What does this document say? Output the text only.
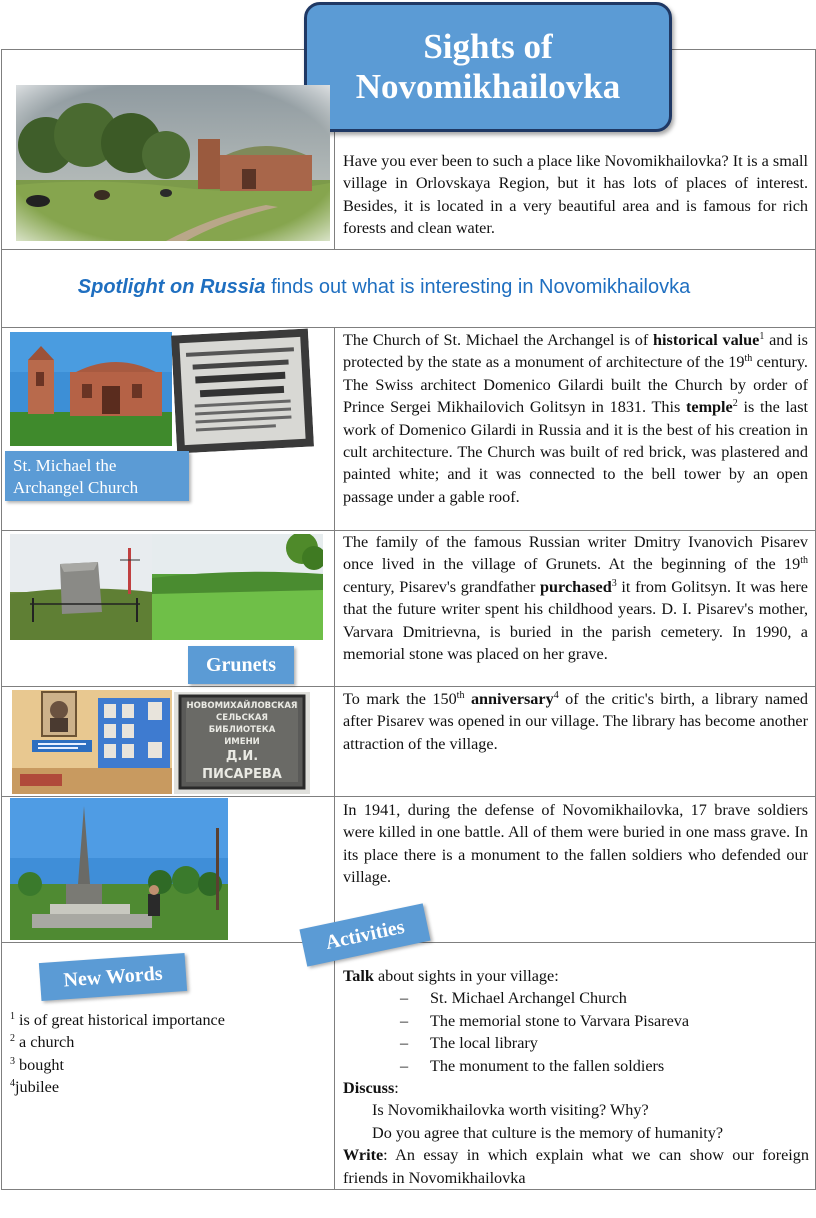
Sights of
Novomikhailovka
Have you ever been to such a place like Novomikhailovka? It is a small village in Orlovskaya Region, but it has lots of places of interest. Besides, it is located in a very beautiful area and is famous for rich forests and clean water.
Spotlight on Russia finds out what is interesting in Novomikhailovka
St. Michael the
Archangel Church
The Church of St. Michael the Archangel is of historical value$^1$ and is protected by the state as a monument of architecture of the 19th century. The Swiss architect Domenico Gilardi built the Church by order of Prince Sergei Mikhailovich Golitsyn in 1831. This temple$^2$ is the last work of Domenico Gilardi in Russia and it is the best of his creation in cult architecture. The Church was built of red brick, was plastered and painted white; and it was connected to the bell tower by an open passage under a gable roof.
Grunets
The family of the famous Russian writer Dmitry Ivanovich Pisarev once lived in the village of Grunets. At the beginning of the 19th century, Pisarev's grandfather purchased$^3$ it from Golitsyn. It was here that the future writer spent his childhood years. D. I. Pisarev's mother, Varvara Dmitrievna, is buried in the parish cemetery. In 1990, a memorial stone was placed on her grave.
НОВОМИХАЙЛОВСКАЯ
СЕЛЬСКАЯ
БИБЛИОТЕКА
ИМЕНИ
Д.И. ПИСАРЕВА
To mark the 150th anniversary$^4$ of the critic's birth, a library named after Pisarev was opened in our village. The library has become another attraction of the village.
In 1941, during the defense of Novomikhailovka, 17 brave soldiers were killed in one battle. All of them were buried in one mass grave. In its place there is a monument to the fallen soldiers who defended our village.
New Words
$^1$ is of great historical importance
$^2$ a church
$^3$ bought
$^4$jubilee
Activities
Talk about sights in your village:
– St. Michael Archangel Church
– The memorial stone to Varvara Pisareva
– The local library
– The monument to the fallen soldiers
Discuss:
Is Novomikhailovka worth visiting? Why?
Do you agree that culture is the memory of humanity?
Write: An essay in which explain what we can show our foreign friends in Novomikhailovka
